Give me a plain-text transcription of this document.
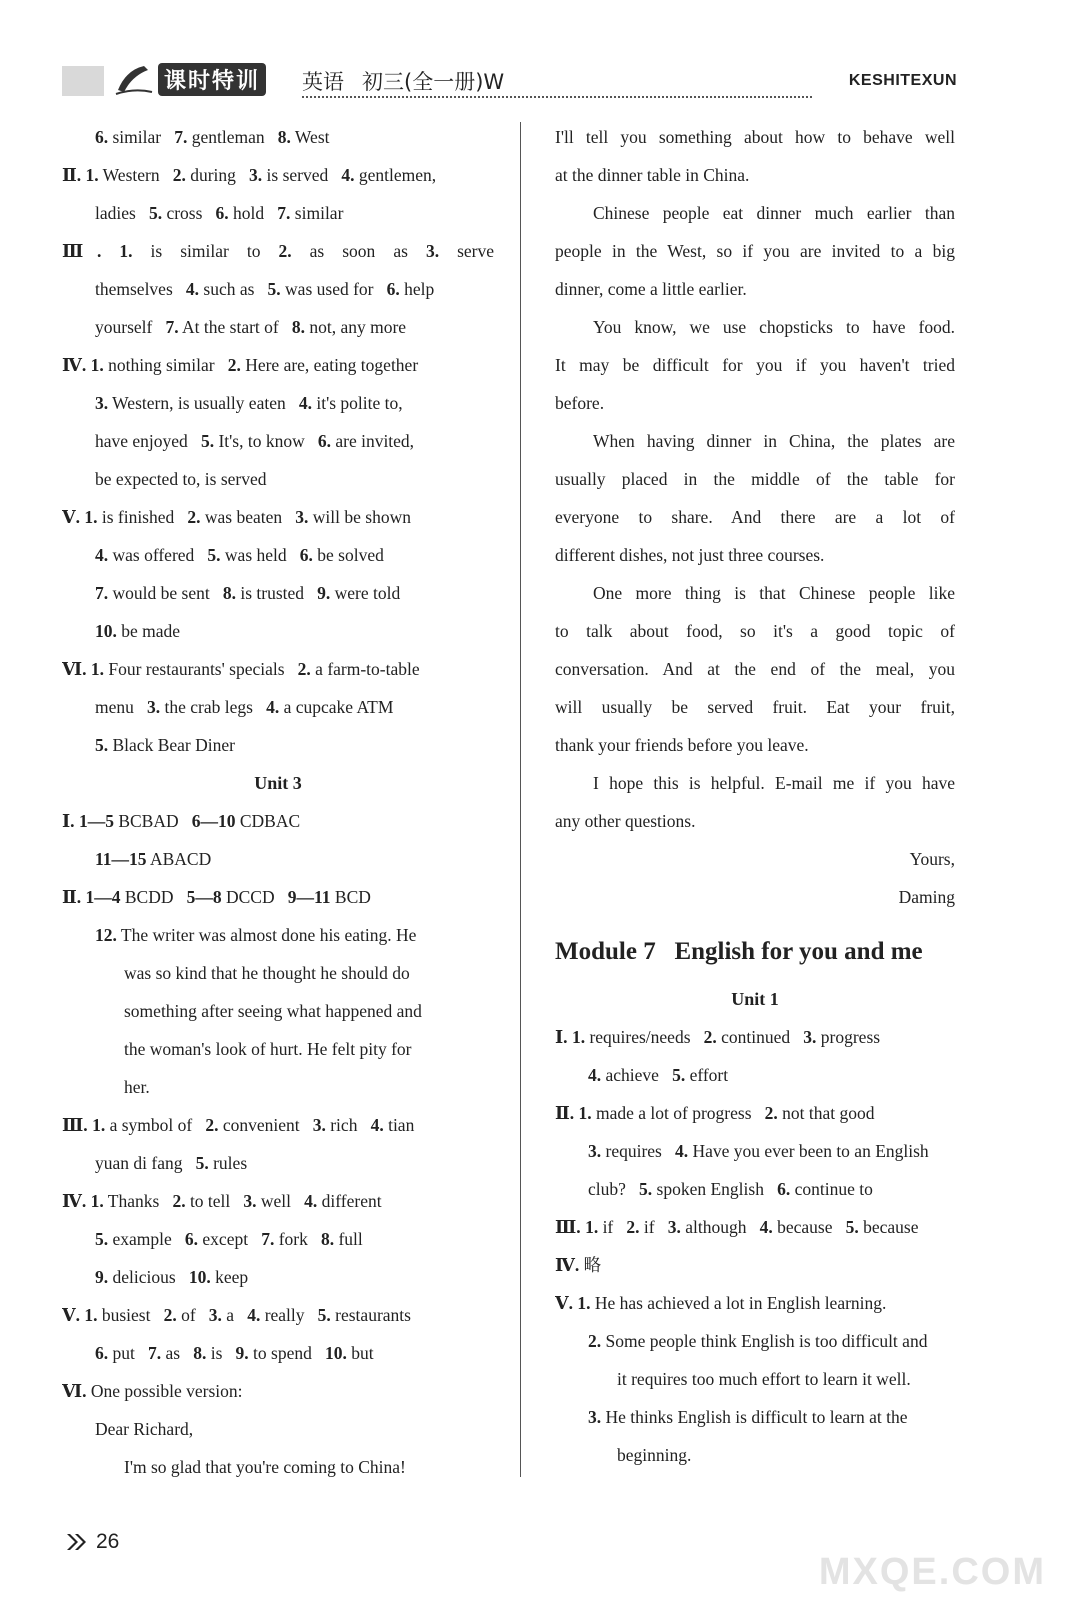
课时特训 英语 初三(全一册)W	KESHITEXUN
6. similar   7. gentleman   8. West
Ⅱ. 1. Western   2. during   3. is served   4. gentlemen,
ladies   5. cross   6. hold   7. similar
Ⅲ. 1. is similar to 2. as soon as 3. serve
themselves   4. such as   5. was used for   6. help
yourself   7. At the start of   8. not, any more
Ⅳ. 1. nothing similar   2. Here are, eating together
3. Western, is usually eaten   4. it's polite to,
have enjoyed   5. It's, to know   6. are invited,
be expected to, is served
Ⅴ. 1. is finished   2. was beaten   3. will be shown
4. was offered   5. was held   6. be solved
7. would be sent   8. is trusted   9. were told
10. be made
Ⅵ. 1. Four restaurants' specials   2. a farm-to-table
menu   3. the crab legs   4. a cupcake ATM
5. Black Bear Diner
Unit 3
Ⅰ. 1—5 BCBAD   6—10 CDBAC
11—15 ABACD
Ⅱ. 1—4 BCDD   5—8 DCCD   9—11 BCD
12. The writer was almost done his eating. He
was so kind that he thought he should do
something after seeing what happened and
the woman's look of hurt. He felt pity for
her.
Ⅲ. 1. a symbol of   2. convenient   3. rich   4. tian
yuan di fang   5. rules
Ⅳ. 1. Thanks   2. to tell   3. well   4. different
5. example   6. except   7. fork   8. full
9. delicious   10. keep
Ⅴ. 1. busiest   2. of   3. a   4. really   5. restaurants
6. put   7. as   8. is   9. to spend   10. but
Ⅵ. One possible version:
Dear Richard,
I'm so glad that you're coming to China!
I'll tell you something about how to behave well
at the dinner table in China.
Chinese people eat dinner much earlier than
people in the West, so if you are invited to a big
dinner, come a little earlier.
You know, we use chopsticks to have food.
It may be difficult for you if you haven't tried
before.
When having dinner in China, the plates are
usually placed in the middle of the table for
everyone to share. And there are a lot of
different dishes, not just three courses.
One more thing is that Chinese people like
to talk about food, so it's a good topic of
conversation. And at the end of the meal, you
will usually be served fruit. Eat your fruit,
thank your friends before you leave.
I hope this is helpful. E-mail me if you have
any other questions.
Yours,
Daming
Module 7   English for you and me
Unit 1
Ⅰ. 1. requires/needs   2. continued   3. progress
4. achieve   5. effort
Ⅱ. 1. made a lot of progress   2. not that good
3. requires   4. Have you ever been to an English
club?   5. spoken English   6. continue to
Ⅲ. 1. if   2. if   3. although   4. because   5. because
Ⅳ. 略
Ⅴ. 1. He has achieved a lot in English learning.
2. Some people think English is too difficult and
it requires too much effort to learn it well.
3. He thinks English is difficult to learn at the
beginning.
26
MXQE.COM
